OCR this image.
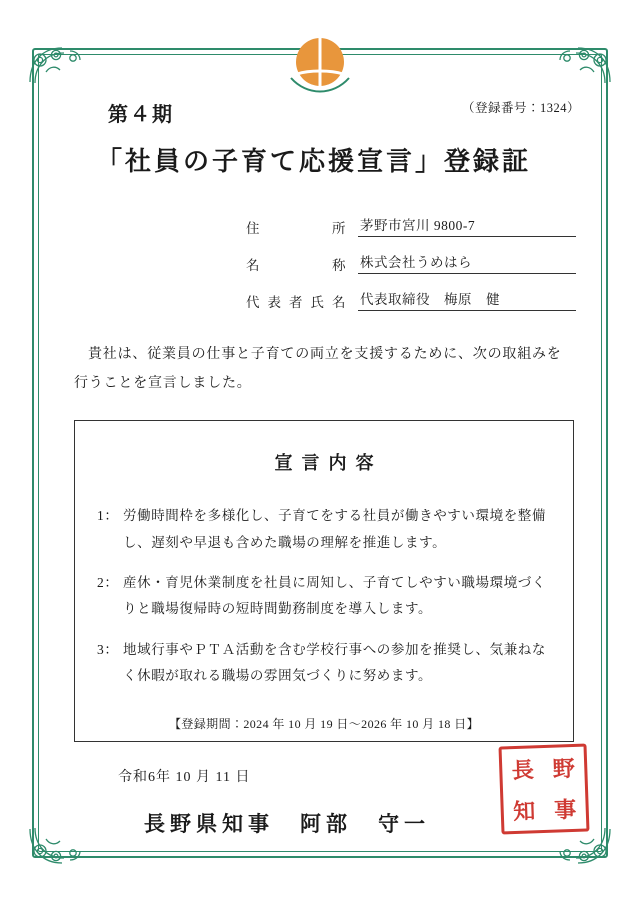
（登録番号：1324）
第４期
「社員の子育て応援宣言」登録証
住所	茅野市宮川 9800-7
名称	株式会社うめはら
代表者氏名	代表取締役　梅原　健
貴社は、従業員の仕事と子育ての両立を支援するために、次の取組みを行うことを宣言しました。
宣言内容
1： 労働時間枠を多様化し、子育てをする社員が働きやすい環境を整備し、遅刻や早退も含めた職場の理解を推進します。
2： 産休・育児休業制度を社員に周知し、子育てしやすい職場環境づくりと職場復帰時の短時間勤務制度を導入します。
3： 地域行事やＰＴＡ活動を含む学校行事への参加を推奨し、気兼ねなく休暇が取れる職場の雰囲気づくりに努めます。
【登録期間：2024 年 10 月 19 日〜2026 年 10 月 18 日】
令和6年 10 月 11 日
長野県知事　阿部　守一
長 野
知 事
